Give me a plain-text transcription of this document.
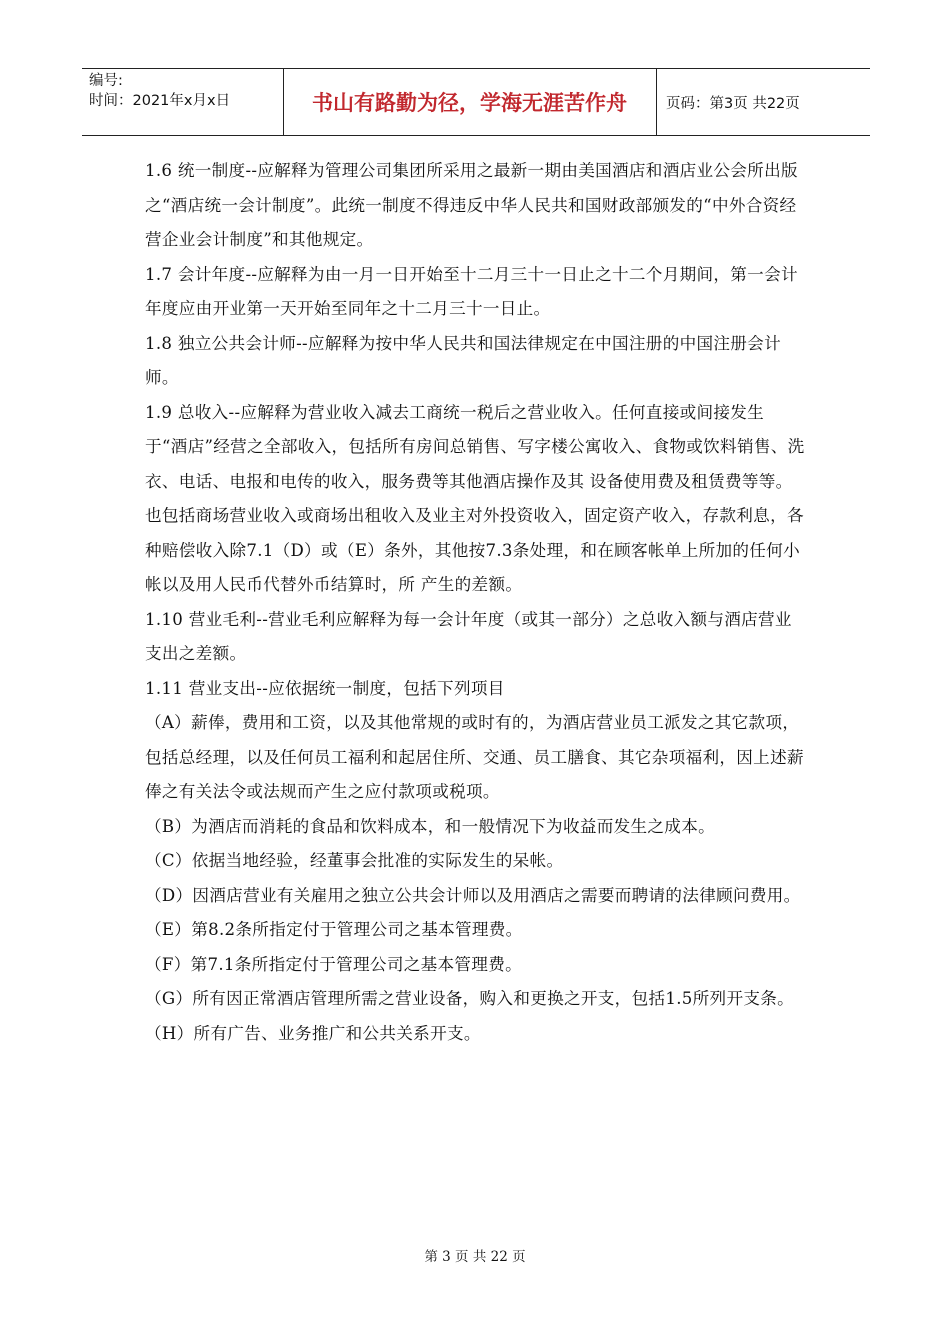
编号:
时间：2021年x月x日	书山有路勤为径，学海无涯苦作舟	页码：第3页 共22页

1.6 统一制度--应解释为管理公司集团所采用之最新一期由美国酒店和酒店业公会所出版之“酒店统一会计制度”。此统一制度不得违反中华人民共和国财政部颁发的“中外合资经营企业会计制度”和其他规定。

1.7 会计年度--应解释为由一月一日开始至十二月三十一日止之十二个月期间，第一会计年度应由开业第一天开始至同年之十二月三十一日止。

1.8 独立公共会计师--应解释为按中华人民共和国法律规定在中国注册的中国注册会计师。

1.9 总收入--应解释为营业收入减去工商统一税后之营业收入。任何直接或间接发生于“酒店”经营之全部收入，包括所有房间总销售、写字楼公寓收入、食物或饮料销售、洗衣、电话、电报和电传的收入，服务费等其他酒店操作及其 设备使用费及租赁费等等。也包括商场营业收入或商场出租收入及业主对外投资收入，固定资产收入，存款利息，各种赔偿收入除7.1（D）或（E）条外，其他按7.3条处理，和在顾客帐单上所加的任何小帐以及用人民币代替外币结算时，所 产生的差额。

1.10 营业毛利--营业毛利应解释为每一会计年度（或其一部分）之总收入额与酒店营业支出之差额。

1.11 营业支出--应依据统一制度，包括下列项目

（A）薪俸，费用和工资，以及其他常规的或时有的，为酒店营业员工派发之其它款项，包括总经理，以及任何员工福利和起居住所、交通、员工膳食、其它杂项福利，因上述薪俸之有关法令或法规而产生之应付款项或税项。

（B）为酒店而消耗的食品和饮料成本，和一般情况下为收益而发生之成本。

（C）依据当地经验，经董事会批准的实际发生的呆帐。

（D）因酒店营业有关雇用之独立公共会计师以及用酒店之需要而聘请的法律顾问费用。

（E）第8.2条所指定付于管理公司之基本管理费。

（F）第7.1条所指定付于管理公司之基本管理费。

（G）所有因正常酒店管理所需之营业设备，购入和更换之开支，包括1.5所列开支条。

（H）所有广告、业务推广和公共关系开支。

第 3 页 共 22 页
